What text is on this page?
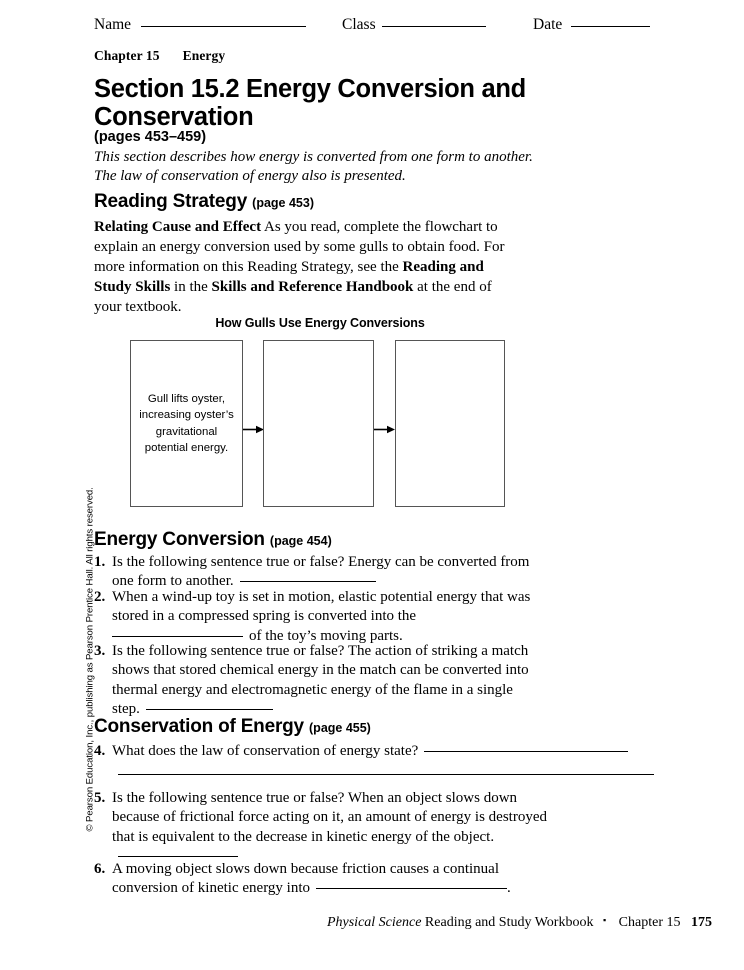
Name	Class	Date
Chapter 15 Energy
Section 15.2 Energy Conversion and Conservation
(pages 453–459)
This section describes how energy is converted from one form to another. The law of conservation of energy also is presented.
Reading Strategy (page 453)
Relating Cause and Effect As you read, complete the flowchart to explain an energy conversion used by some gulls to obtain food. For more information on this Reading Strategy, see the Reading and Study Skills in the Skills and Reference Handbook at the end of your textbook.
How Gulls Use Energy Conversions
Gull lifts oyster, increasing oyster’s gravitational potential energy.
Energy Conversion (page 454)
1. Is the following sentence true or false? Energy can be converted from one form to another.
2. When a wind-up toy is set in motion, elastic potential energy that was stored in a compressed spring is converted into the
of the toy’s moving parts.
3. Is the following sentence true or false? The action of striking a match shows that stored chemical energy in the match can be converted into thermal energy and electromagnetic energy of the flame in a single step.
Conservation of Energy (page 455)
4. What does the law of conservation of energy state?
5. Is the following sentence true or false? When an object slows down because of frictional force acting on it, an amount of energy is destroyed that is equivalent to the decrease in kinetic energy of the object.
6. A moving object slows down because friction causes a continual conversion of kinetic energy into	.
© Pearson Education, Inc., publishing as Pearson Prentice Hall. All rights reserved.
Physical Science Reading and Study Workbook ▪ Chapter 15 175
